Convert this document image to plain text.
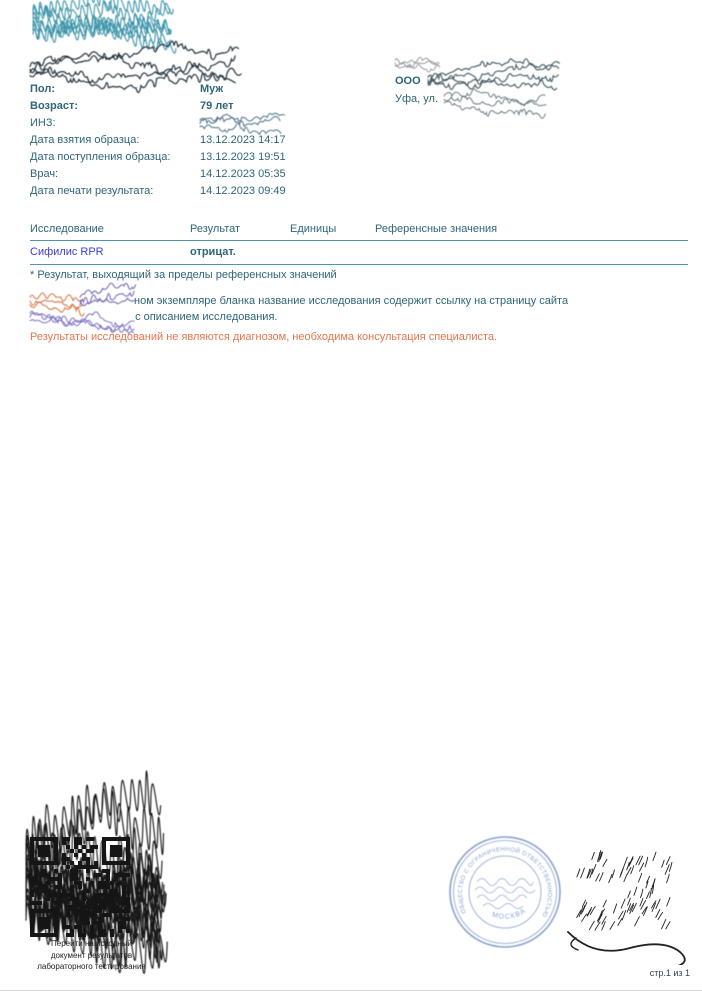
Пол:	Муж
Возраст:	79 лет
ИНЗ:
Дата взятия образца:	13.12.2023 14:17
Дата поступления образца:	13.12.2023 19:51
Врач:	14.12.2023 05:35
Дата печати результата:	14.12.2023 09:49
ООО
Уфа, ул.
Исследование	Результат	Единицы	Референсные значения
Сифилис RPR	отрицат.
* Результат, выходящий за пределы референсных значений
ном экземпляре бланка название исследования содержит ссылку на страницу сайта
с описанием исследования.
Результаты исследований не являются диагнозом, необходима консультация специалиста.
Перейти на исходный
документ результатов
лабораторного тестирования
ОБЩЕСТВО С ОГРАНИЧЕННОЙ ОТВЕТСТВЕННОСТЬЮ
МОСКВА
стр.1 из 1
